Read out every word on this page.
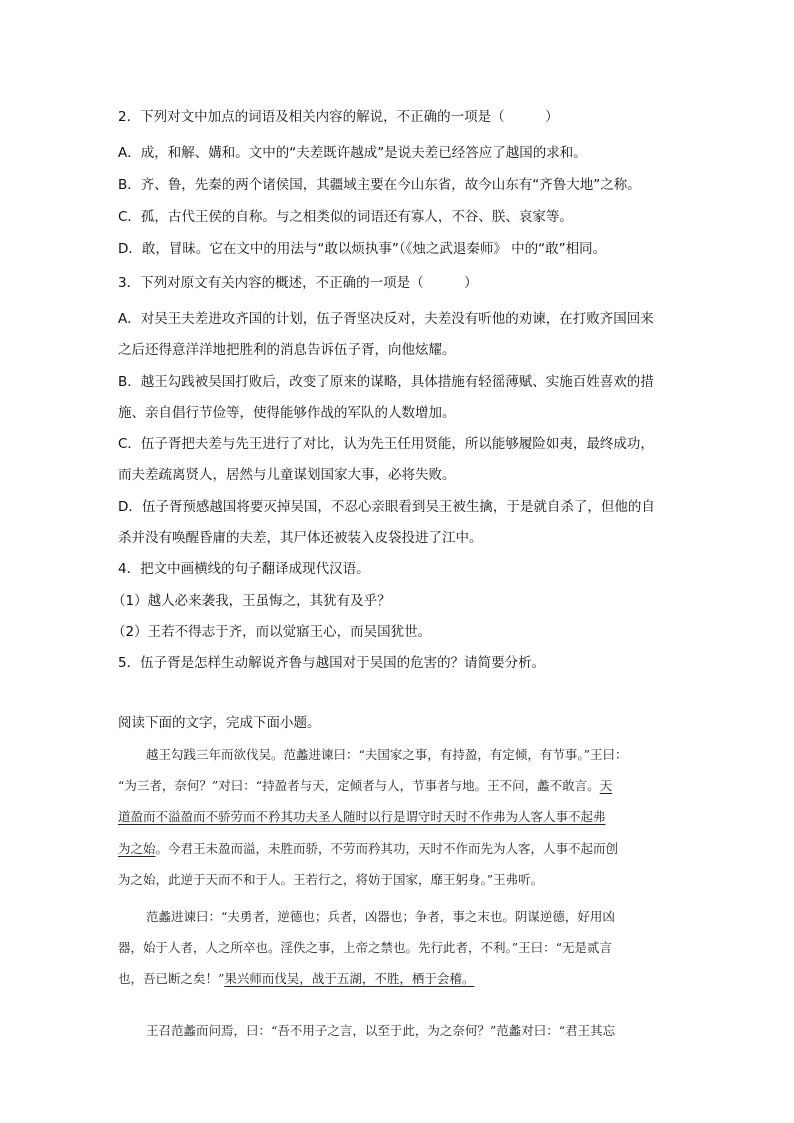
2．下列对文中加点的词语及相关内容的解说，不正确的一项是（　　　）
A．成，和解、媾和。文中的“夫差既许越成”是说夫差已经答应了越国的求和。
B．齐、鲁，先秦的两个诸侯国，其疆域主要在今山东省，故今山东有“齐鲁大地”之称。
C．孤，古代王侯的自称。与之相类似的词语还有寡人，不谷、朕、哀家等。
D．敢，冒昧。它在文中的用法与“敢以烦执事”（《烛之武退秦师》 中的“敢”相同。
3．下列对原文有关内容的概述，不正确的一项是（　　　）
A．对吴王夫差进攻齐国的计划，伍子胥坚决反对，夫差没有听他的劝谏，在打败齐国回来
之后还得意洋洋地把胜利的消息告诉伍子胥，向他炫耀。
B．越王勾践被吴国打败后，改变了原来的谋略，具体措施有轻徭薄赋、实施百姓喜欢的措
施、亲自倡行节俭等，使得能够作战的军队的人数增加。
C．伍子胥把夫差与先王进行了对比，认为先王任用贤能，所以能够履险如夷，最终成功，
而夫差疏离贤人，居然与儿童谋划国家大事，必将失败。
D．伍子胥预感越国将要灭掉吴国，不忍心亲眼看到吴王被生擒，于是就自杀了，但他的自
杀并没有唤醒昏庸的夫差，其尸体还被装入皮袋投进了江中。
4．把文中画横线的句子翻译成现代汉语。
（1）越人必来袭我，王虽悔之，其犹有及乎？
（2）王若不得志于齐，而以觉寤王心，而吴国犹世。
5．伍子胥是怎样生动解说齐鲁与越国对于吴国的危害的？请简要分析。
阅读下面的文字，完成下面小题。
越王勾践三年而欲伐吴。范蠡进谏曰：“夫国家之事，有持盈，有定倾，有节事。”王曰：
“为三者，奈何？”对曰：“持盈者与天，定倾者与人，节事者与地。王不问，蠡不敢言。天
道盈而不溢盈而不骄劳而不矜其功夫圣人随时以行是谓守时天时不作弗为人客人事不起弗
为之始。今君王未盈而溢，未胜而骄，不劳而矜其功，天时不作而先为人客，人事不起而创
为之始，此逆于天而不和于人。王若行之，将妨于国家，靡王躬身。”王弗听。
范蠡进谏曰：“夫勇者，逆德也；兵者，凶器也；争者，事之末也。阴谋逆德，好用凶
器，始于人者，人之所卒也。淫佚之事，上帝之禁也。先行此者，不利。”王曰：“无是贰言
也，吾已断之矣！”果兴师而伐吴，战于五湖，不胜，栖于会稽。
王召范蠡而问焉，曰：“吾不用子之言，以至于此，为之奈何？”范蠡对曰：“君王其忘
